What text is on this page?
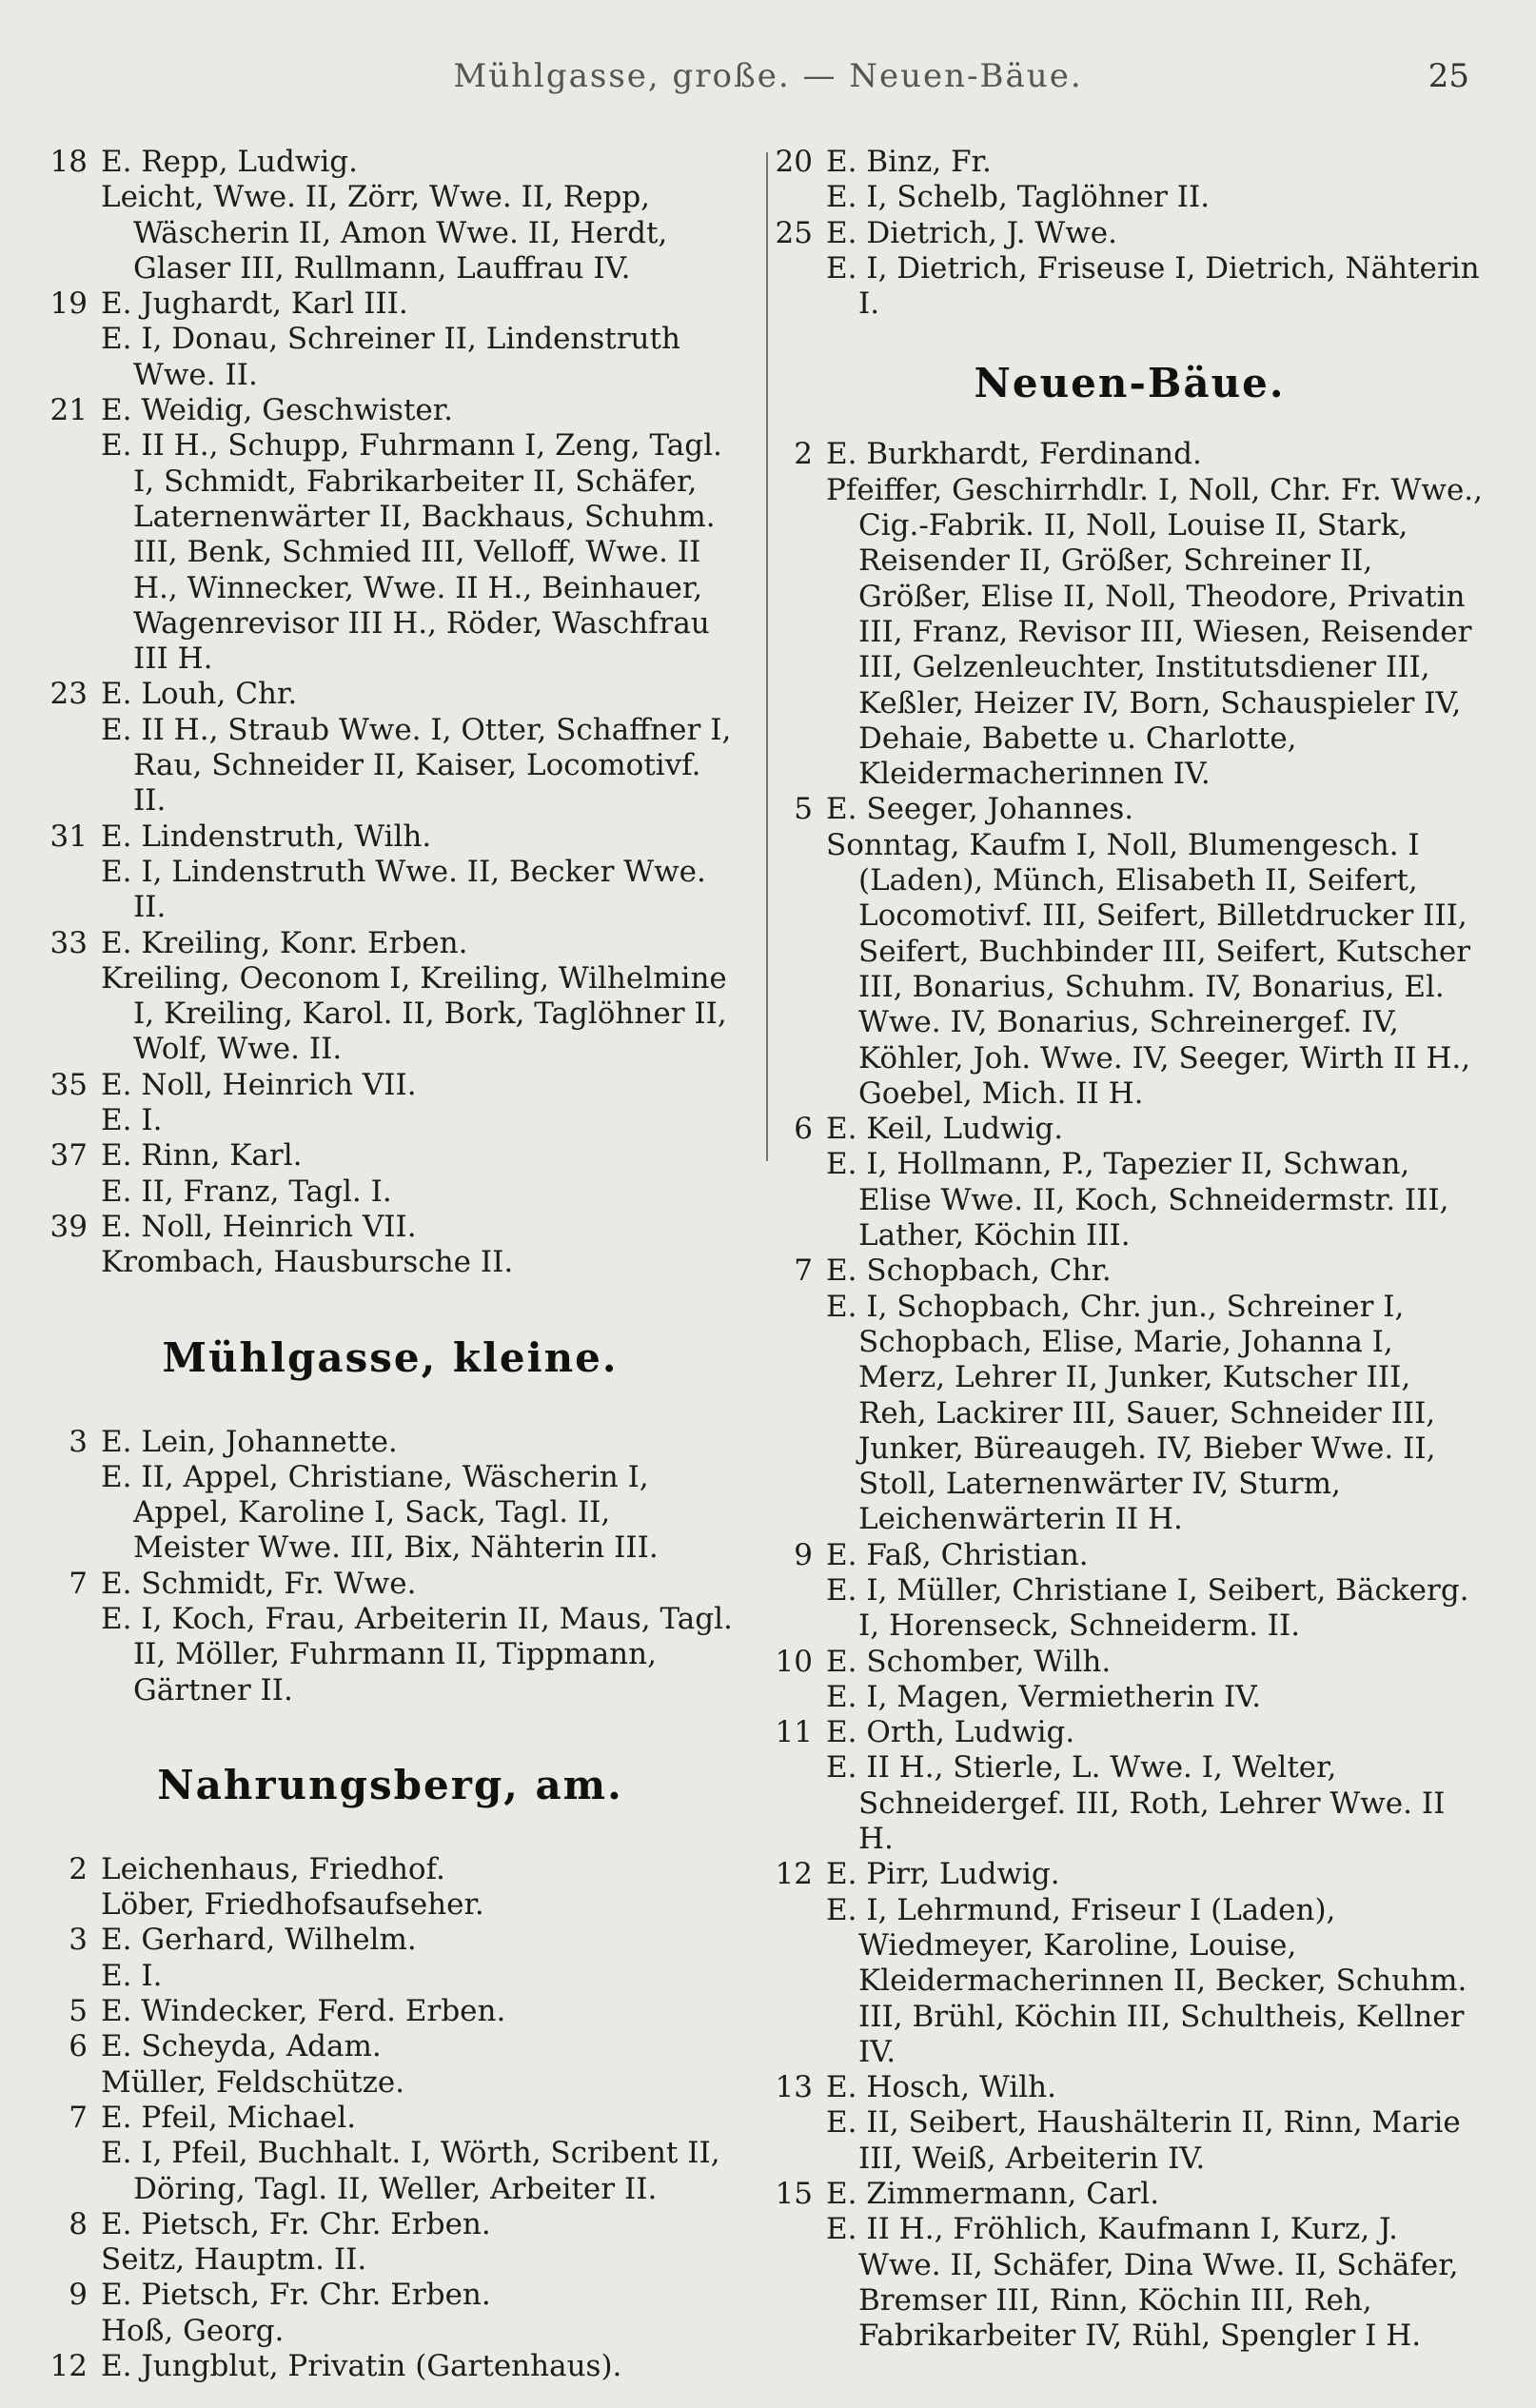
Mühlgasse, große. — Neuen-Bäue.	25
18 E. Repp, Ludwig.
Leicht, Wwe. II, Zörr, Wwe. II, Repp, Wäscherin II, Amon Wwe. II, Herdt, Glaser III, Rullmann, Lauffrau IV.
19 E. Jughardt, Karl III.
E. I, Donau, Schreiner II, Lindenstruth Wwe. II.
21 E. Weidig, Geschwister.
E. II H., Schupp, Fuhrmann I, Zeng, Tagl. I, Schmidt, Fabrikarbeiter II, Schäfer, Laternenwärter II, Backhaus, Schuhm. III, Benk, Schmied III, Velloff, Wwe. II H., Winnecker, Wwe. II H., Beinhauer, Wagenrevisor III H., Röder, Waschfrau III H.
23 E. Louh, Chr.
E. II H., Straub Wwe. I, Otter, Schaffner I, Rau, Schneider II, Kaiser, Locomotivf. II.
31 E. Lindenstruth, Wilh.
E. I, Lindenstruth Wwe. II, Becker Wwe. II.
33 E. Kreiling, Konr. Erben.
Kreiling, Oeconom I, Kreiling, Wilhelmine I, Kreiling, Karol. II, Bork, Taglöhner II, Wolf, Wwe. II.
35 E. Noll, Heinrich VII.
E. I.
37 E. Rinn, Karl.
E. II, Franz, Tagl. I.
39 E. Noll, Heinrich VII.
Krombach, Hausbursche II.
Mühlgasse, kleine.
3 E. Lein, Johannette.
E. II, Appel, Christiane, Wäscherin I, Appel, Karoline I, Sack, Tagl. II, Meister Wwe. III, Bix, Nähterin III.
7 E. Schmidt, Fr. Wwe.
E. I, Koch, Frau, Arbeiterin II, Maus, Tagl. II, Möller, Fuhrmann II, Tippmann, Gärtner II.
Nahrungsberg, am.
2 Leichenhaus, Friedhof.
Löber, Friedhofsaufseher.
3 E. Gerhard, Wilhelm.
E. I.
5 E. Windecker, Ferd. Erben.
6 E. Scheyda, Adam.
Müller, Feldschütze.
7 E. Pfeil, Michael.
E. I, Pfeil, Buchhalt. I, Wörth, Scribent II, Döring, Tagl. II, Weller, Arbeiter II.
8 E. Pietsch, Fr. Chr. Erben.
Seitz, Hauptm. II.
9 E. Pietsch, Fr. Chr. Erben.
Hoß, Georg.
12 E. Jungblut, Privatin (Gartenhaus).
20 E. Binz, Fr.
E. I, Schelb, Taglöhner II.
25 E. Dietrich, J. Wwe.
E. I, Dietrich, Friseuse I, Dietrich, Nähterin I.
Neuen-Bäue.
2 E. Burkhardt, Ferdinand.
Pfeiffer, Geschirrhdlr. I, Noll, Chr. Fr. Wwe., Cig.-Fabrik. II, Noll, Louise II, Stark, Reisender II, Größer, Schreiner II, Größer, Elise II, Noll, Theodore, Privatin III, Franz, Revisor III, Wiesen, Reisender III, Gelzenleuchter, Institutsdiener III, Keßler, Heizer IV, Born, Schauspieler IV, Dehaie, Babette u. Charlotte, Kleidermacherinnen IV.
5 E. Seeger, Johannes.
Sonntag, Kaufm I, Noll, Blumengesch. I (Laden), Münch, Elisabeth II, Seifert, Locomotivf. III, Seifert, Billetdrucker III, Seifert, Buchbinder III, Seifert, Kutscher III, Bonarius, Schuhm. IV, Bonarius, El. Wwe. IV, Bonarius, Schreinergef. IV, Köhler, Joh. Wwe. IV, Seeger, Wirth II H., Goebel, Mich. II H.
6 E. Keil, Ludwig.
E. I, Hollmann, P., Tapezier II, Schwan, Elise Wwe. II, Koch, Schneidermstr. III, Lather, Köchin III.
7 E. Schopbach, Chr.
E. I, Schopbach, Chr. jun., Schreiner I, Schopbach, Elise, Marie, Johanna I, Merz, Lehrer II, Junker, Kutscher III, Reh, Lackirer III, Sauer, Schneider III, Junker, Büreaugeh. IV, Bieber Wwe. II, Stoll, Laternenwärter IV, Sturm, Leichenwärterin II H.
9 E. Faß, Christian.
E. I, Müller, Christiane I, Seibert, Bäckerg. I, Horenseck, Schneiderm. II.
10 E. Schomber, Wilh.
E. I, Magen, Vermietherin IV.
11 E. Orth, Ludwig.
E. II H., Stierle, L. Wwe. I, Welter, Schneidergef. III, Roth, Lehrer Wwe. II H.
12 E. Pirr, Ludwig.
E. I, Lehrmund, Friseur I (Laden), Wiedmeyer, Karoline, Louise, Kleidermacherinnen II, Becker, Schuhm. III, Brühl, Köchin III, Schultheis, Kellner IV.
13 E. Hosch, Wilh.
E. II, Seibert, Haushälterin II, Rinn, Marie III, Weiß, Arbeiterin IV.
15 E. Zimmermann, Carl.
E. II H., Fröhlich, Kaufmann I, Kurz, J. Wwe. II, Schäfer, Dina Wwe. II, Schäfer, Bremser III, Rinn, Köchin III, Reh, Fabrikarbeiter IV, Rühl, Spengler I H.
